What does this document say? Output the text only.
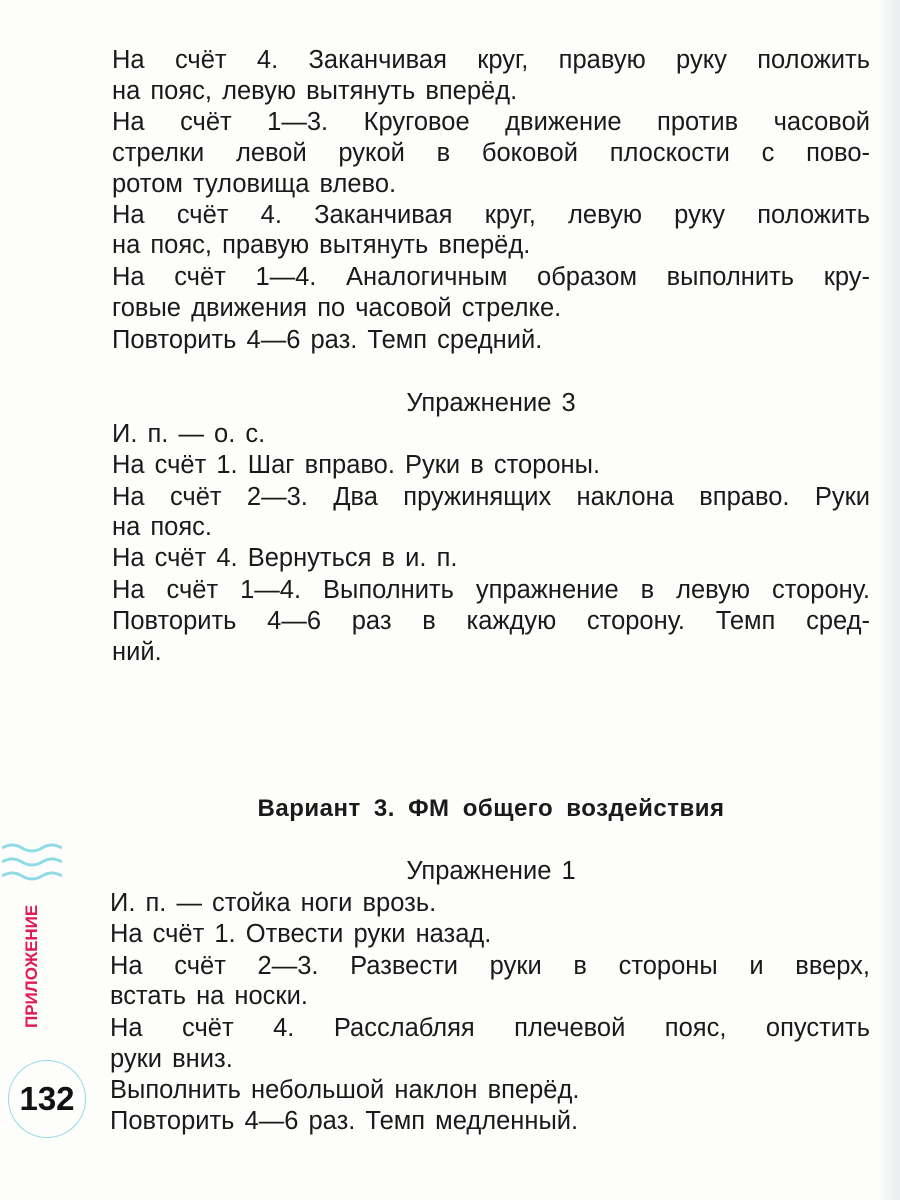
На счёт 4. Заканчивая круг, правую руку положить
на пояс, левую вытянуть вперёд.
На счёт 1—3. Круговое движение против часовой
стрелки левой рукой в боковой плоскости с пово-
ротом туловища влево.
На счёт 4. Заканчивая круг, левую руку положить
на пояс, правую вытянуть вперёд.
На счёт 1—4. Аналогичным образом выполнить кру-
говые движения по часовой стрелке.
Повторить 4—6 раз. Темп средний.
Упражнение 3
И. п. — о. с.
На счёт 1. Шаг вправо. Руки в стороны.
На счёт 2—3. Два пружинящих наклона вправо. Руки
на пояс.
На счёт 4. Вернуться в и. п.
На счёт 1—4. Выполнить упражнение в левую сторону.
Повторить 4—6 раз в каждую сторону. Темп сред-
ний.
Вариант 3. ФМ общего воздействия
Упражнение 1
И. п. — стойка ноги врозь.
На счёт 1. Отвести руки назад.
На счёт 2—3. Развести руки в стороны и вверх,
встать на носки.
На счёт 4. Расслабляя плечевой пояс, опустить
руки вниз.
Выполнить небольшой наклон вперёд.
Повторить 4—6 раз. Темп медленный.
ПРИЛОЖЕНИЕ
132
